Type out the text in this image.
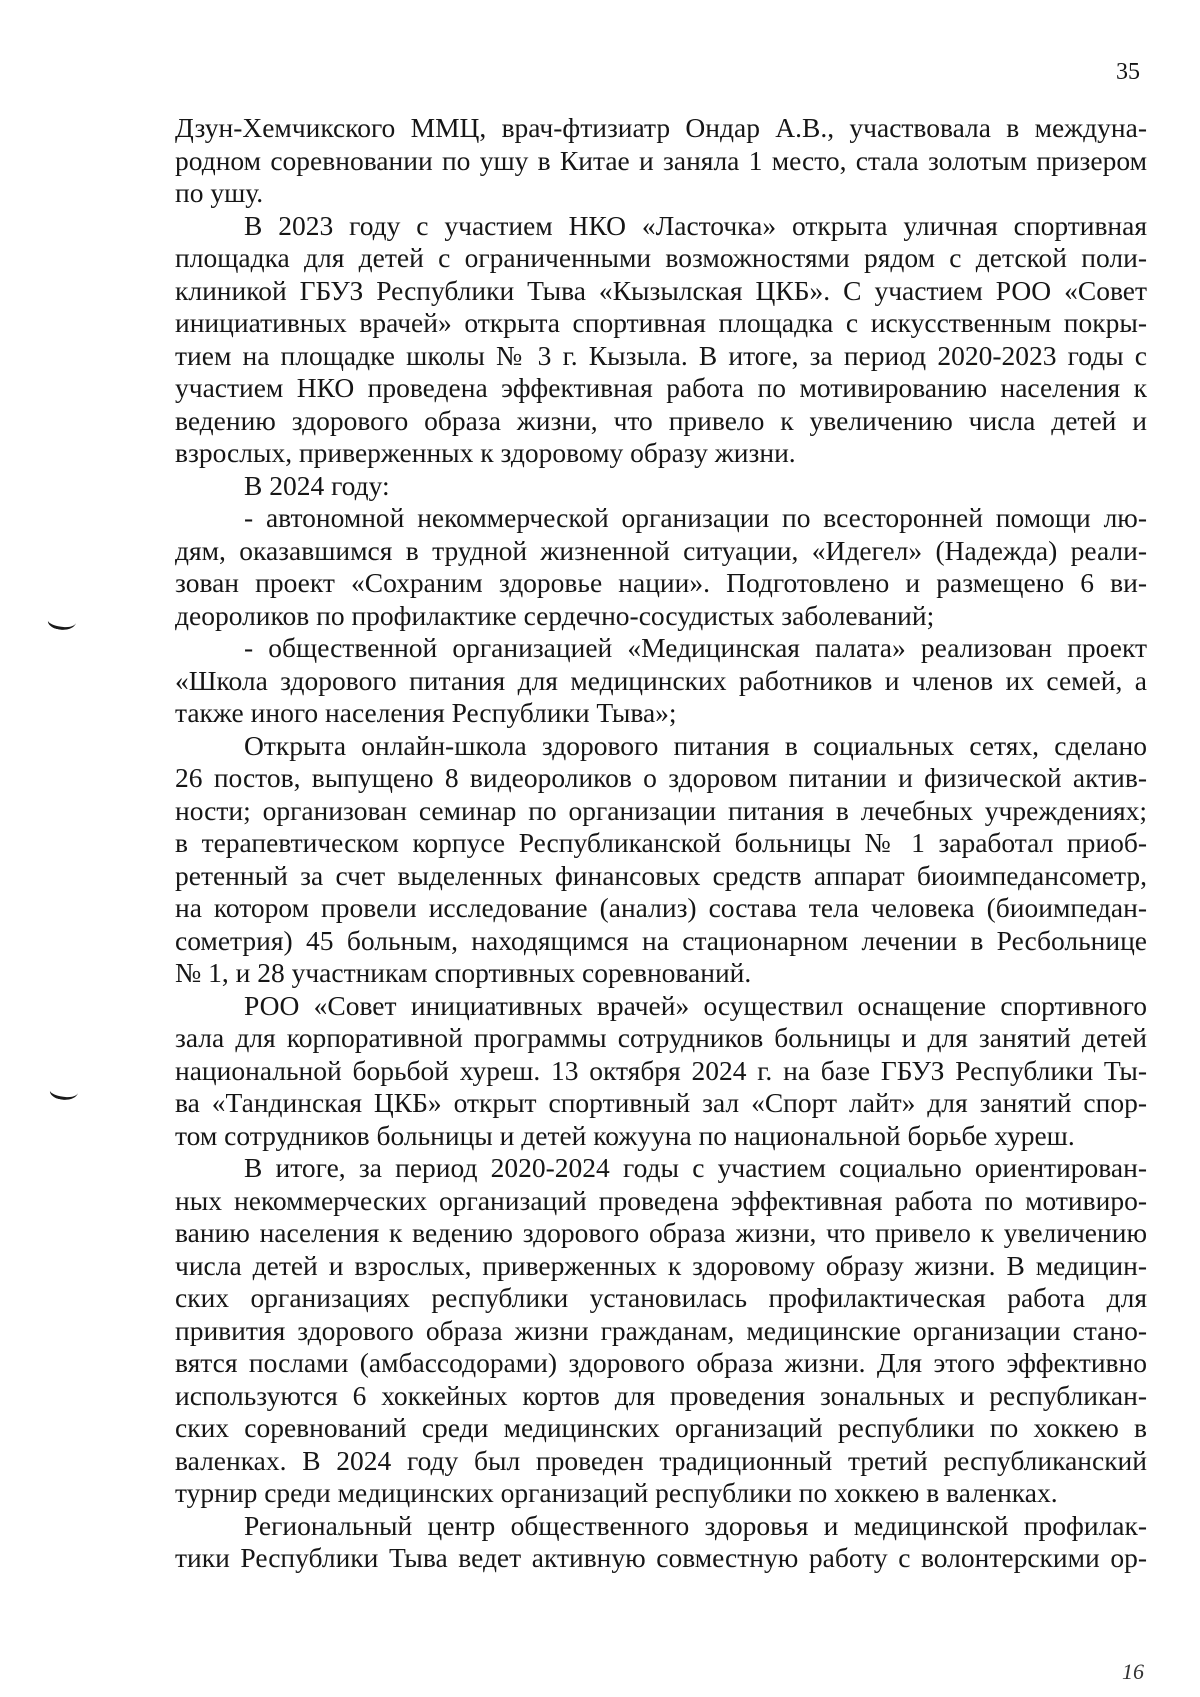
35
Дзун-Хемчикского ММЦ, врач-фтизиатр Ондар А.В., участвовала в междуна-
родном соревновании по ушу в Китае и заняла 1 место, стала золотым призером
по ушу.
В 2023 году с участием НКО «Ласточка» открыта уличная спортивная
площадка для детей с ограниченными возможностями рядом с детской поли-
клиникой ГБУЗ Республики Тыва «Кызылская ЦКБ». С участием РОО «Совет
инициативных врачей» открыта спортивная площадка с искусственным покры-
тием на площадке школы № 3 г. Кызыла. В итоге, за период 2020-2023 годы с
участием НКО проведена эффективная работа по мотивированию населения к
ведению здорового образа жизни, что привело к увеличению числа детей и
взрослых, приверженных к здоровому образу жизни.
В 2024 году:
- автономной некоммерческой организации по всесторонней помощи лю-
дям, оказавшимся в трудной жизненной ситуации, «Идегел» (Надежда) реали-
зован проект «Сохраним здоровье нации». Подготовлено и размещено 6 ви-
деороликов по профилактике сердечно-сосудистых заболеваний;
- общественной организацией «Медицинская палата» реализован проект
«Школа здорового питания для медицинских работников и членов их семей, а
также иного населения Республики Тыва»;
Открыта онлайн-школа здорового питания в социальных сетях, сделано
26 постов, выпущено 8 видеороликов о здоровом питании и физической актив-
ности; организован семинар по организации питания в лечебных учреждениях;
в терапевтическом корпусе Республиканской больницы № 1 заработал приоб-
ретенный за счет выделенных финансовых средств аппарат биоимпедансометр,
на котором провели исследование (анализ) состава тела человека (биоимпедан-
сометрия) 45 больным, находящимся на стационарном лечении в Ресбольнице
№ 1, и 28 участникам спортивных соревнований.
РОО «Совет инициативных врачей» осуществил оснащение спортивного
зала для корпоративной программы сотрудников больницы и для занятий детей
национальной борьбой хуреш. 13 октября 2024 г. на базе ГБУЗ Республики Ты-
ва «Тандинская ЦКБ» открыт спортивный зал «Спорт лайт» для занятий спор-
том сотрудников больницы и детей кожууна по национальной борьбе хуреш.
В итоге, за период 2020-2024 годы с участием социально ориентирован-
ных некоммерческих организаций проведена эффективная работа по мотивиро-
ванию населения к ведению здорового образа жизни, что привело к увеличению
числа детей и взрослых, приверженных к здоровому образу жизни. В медицин-
ских организациях республики установилась профилактическая работа для
привития здорового образа жизни гражданам, медицинские организации стано-
вятся послами (амбассодорами) здорового образа жизни. Для этого эффективно
используются 6 хоккейных кортов для проведения зональных и республикан-
ских соревнований среди медицинских организаций республики по хоккею в
валенках. В 2024 году был проведен традиционный третий республиканский
турнир среди медицинских организаций республики по хоккею в валенках.
Региональный центр общественного здоровья и медицинской профилак-
тики Республики Тыва ведет активную совместную работу с волонтерскими ор-
16
